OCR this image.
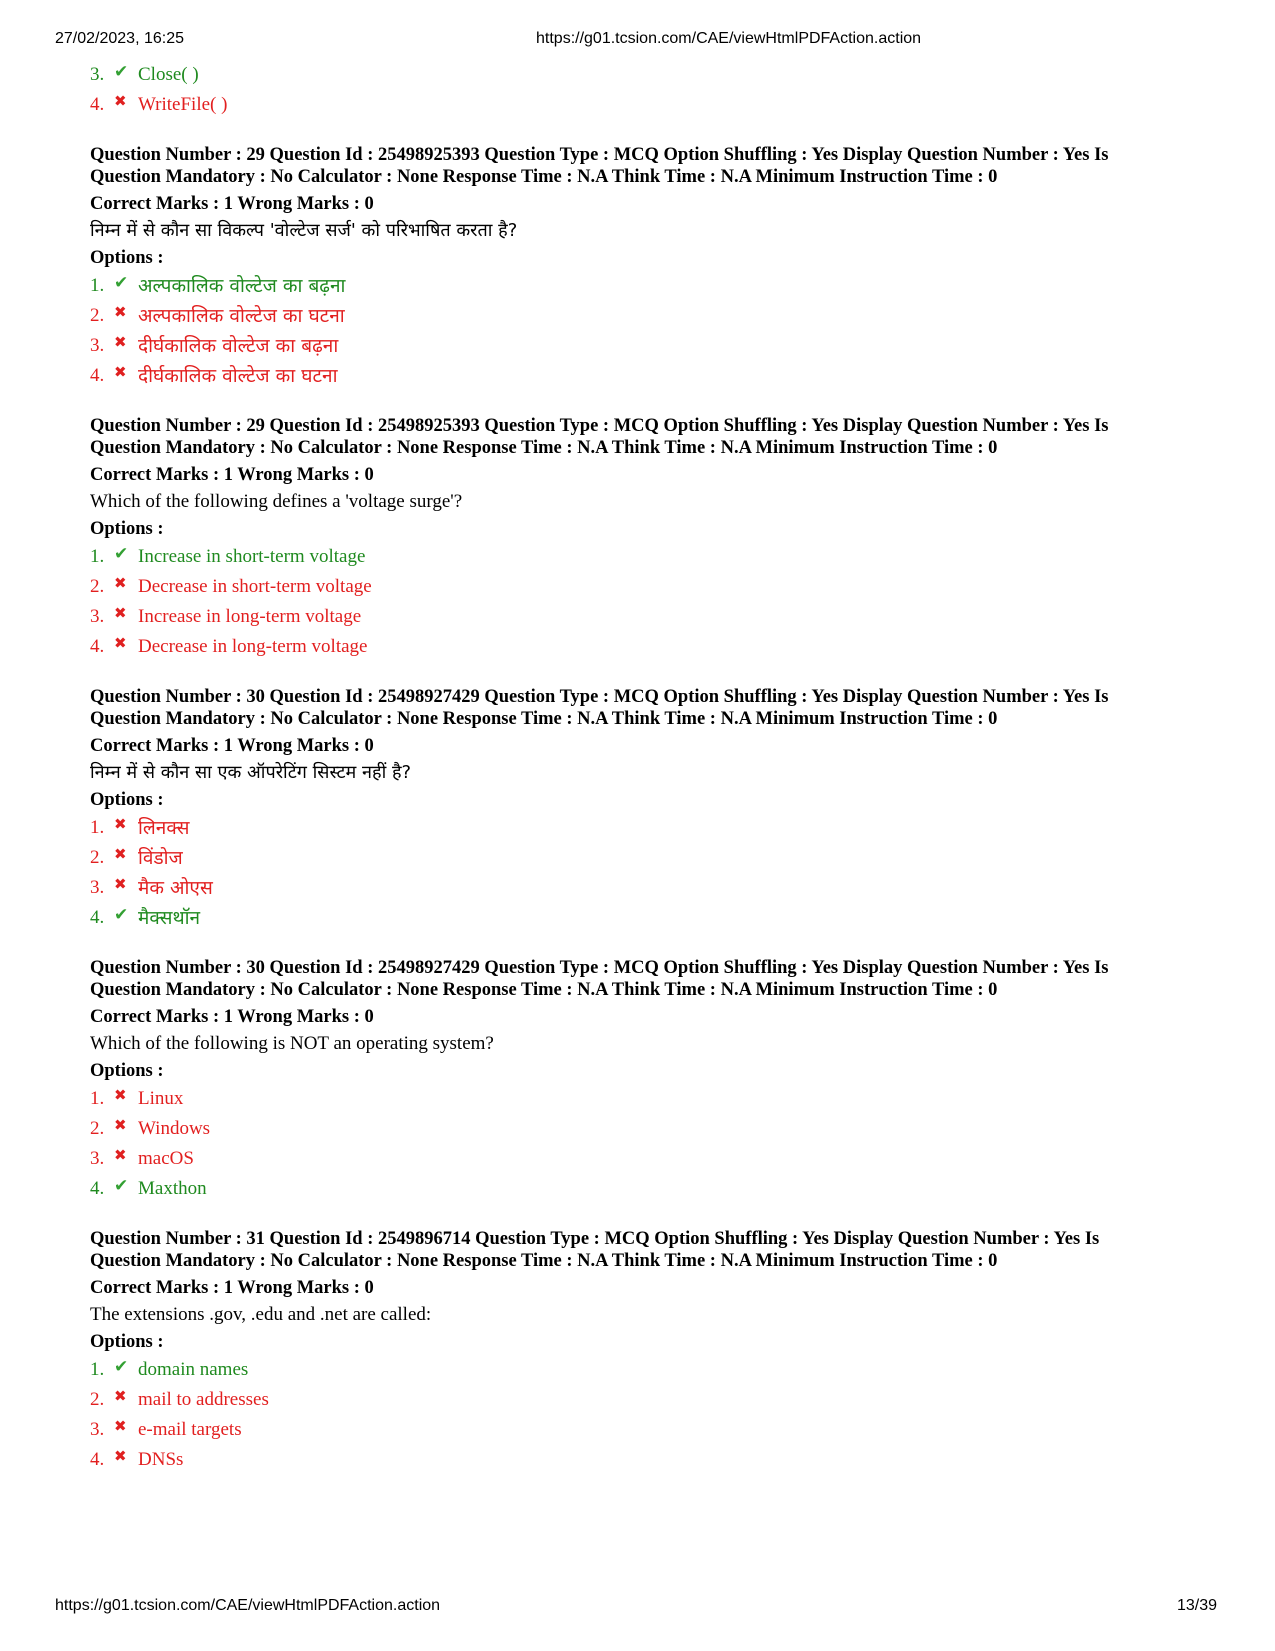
27/02/2023, 16:25	https://g01.tcsion.com/CAE/viewHtmlPDFAction.action
3. ✔ Close( )
4. ✖ WriteFile( )
Question Number : 29 Question Id : 25498925393 Question Type : MCQ Option Shuffling : Yes Display Question Number : Yes Is
Question Mandatory : No Calculator : None Response Time : N.A Think Time : N.A Minimum Instruction Time : 0
Correct Marks : 1 Wrong Marks : 0
निम्न में से कौन सा विकल्प 'वोल्टेज सर्ज' को परिभाषित करता है?
Options :
1. ✔ अल्पकालिक वोल्टेज का बढ़ना
2. ✖ अल्पकालिक वोल्टेज का घटना
3. ✖ दीर्घकालिक वोल्टेज का बढ़ना
4. ✖ दीर्घकालिक वोल्टेज का घटना
Question Number : 29 Question Id : 25498925393 Question Type : MCQ Option Shuffling : Yes Display Question Number : Yes Is
Question Mandatory : No Calculator : None Response Time : N.A Think Time : N.A Minimum Instruction Time : 0
Correct Marks : 1 Wrong Marks : 0
Which of the following defines a 'voltage surge'?
Options :
1. ✔ Increase in short-term voltage
2. ✖ Decrease in short-term voltage
3. ✖ Increase in long-term voltage
4. ✖ Decrease in long-term voltage
Question Number : 30 Question Id : 25498927429 Question Type : MCQ Option Shuffling : Yes Display Question Number : Yes Is
Question Mandatory : No Calculator : None Response Time : N.A Think Time : N.A Minimum Instruction Time : 0
Correct Marks : 1 Wrong Marks : 0
निम्न में से कौन सा एक ऑपरेटिंग सिस्टम नहीं है?
Options :
1. ✖ लिनक्स
2. ✖ विंडोज
3. ✖ मैक ओएस
4. ✔ मैक्सथॉन
Question Number : 30 Question Id : 25498927429 Question Type : MCQ Option Shuffling : Yes Display Question Number : Yes Is
Question Mandatory : No Calculator : None Response Time : N.A Think Time : N.A Minimum Instruction Time : 0
Correct Marks : 1 Wrong Marks : 0
Which of the following is NOT an operating system?
Options :
1. ✖ Linux
2. ✖ Windows
3. ✖ macOS
4. ✔ Maxthon
Question Number : 31 Question Id : 2549896714 Question Type : MCQ Option Shuffling : Yes Display Question Number : Yes Is
Question Mandatory : No Calculator : None Response Time : N.A Think Time : N.A Minimum Instruction Time : 0
Correct Marks : 1 Wrong Marks : 0
The extensions .gov, .edu and .net are called:
Options :
1. ✔ domain names
2. ✖ mail to addresses
3. ✖ e-mail targets
4. ✖ DNSs
https://g01.tcsion.com/CAE/viewHtmlPDFAction.action	13/39
